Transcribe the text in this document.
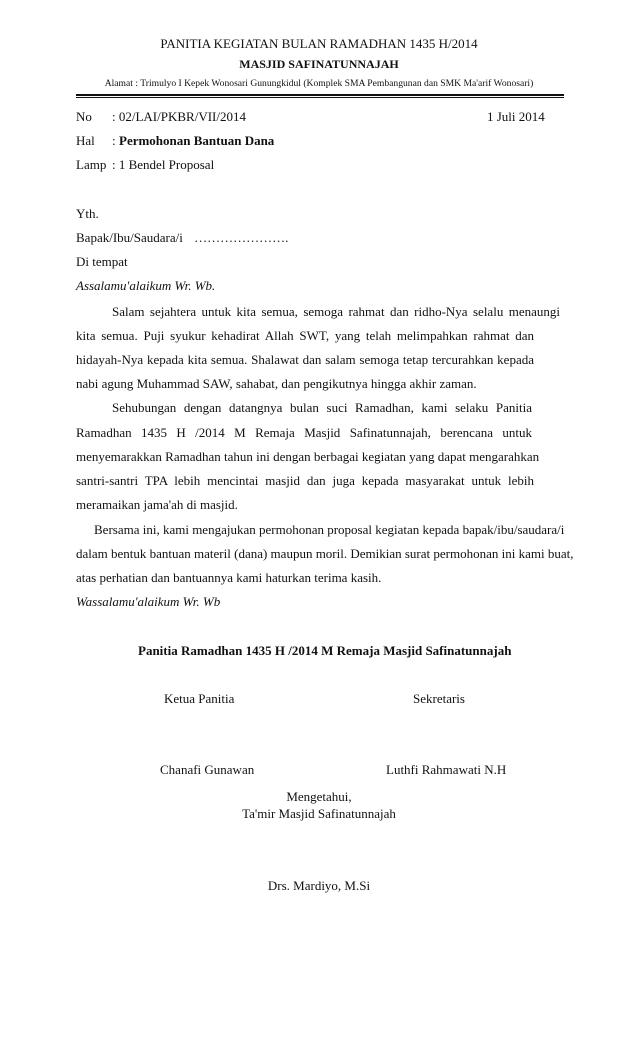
PANITIA KEGIATAN BULAN RAMADHAN 1435 H/2014
MASJID SAFINATUNNAJAH
Alamat : Trimulyo I Kepek Wonosari Gunungkidul (Komplek SMA Pembangunan dan SMK Ma'arif Wonosari)
No : 02/LAI/PKBR/VII/2014	1 Juli 2014
Hal : Permohonan Bantuan Dana
Lamp : 1 Bendel Proposal
Yth.
Bapak/Ibu/Saudara/i ………………….
Di tempat
Assalamu'alaikum Wr. Wb.
Salam sejahtera untuk kita semua, semoga rahmat dan ridho-Nya selalu menaungi
kita semua. Puji syukur kehadirat Allah SWT, yang telah melimpahkan rahmat dan
hidayah-Nya kepada kita semua. Shalawat dan salam semoga tetap tercurahkan kepada
nabi agung Muhammad SAW, sahabat, dan pengikutnya hingga akhir zaman.
Sehubungan dengan datangnya bulan suci Ramadhan, kami selaku Panitia
Ramadhan 1435 H /2014 M Remaja Masjid Safinatunnajah, berencana untuk
menyemarakkan Ramadhan tahun ini dengan berbagai kegiatan yang dapat mengarahkan
santri-santri TPA lebih mencintai masjid dan juga kepada masyarakat untuk lebih
meramaikan jama'ah di masjid.
Bersama ini, kami mengajukan permohonan proposal kegiatan kepada bapak/ibu/saudara/i
dalam bentuk bantuan materil (dana) maupun moril. Demikian surat permohonan ini kami buat,
atas perhatian dan bantuannya kami haturkan terima kasih.
Wassalamu'alaikum Wr. Wb
Panitia Ramadhan 1435 H /2014 M Remaja Masjid Safinatunnajah
Ketua Panitia	Sekretaris
Chanafi Gunawan	Luthfi Rahmawati N.H
Mengetahui,
Ta'mir Masjid Safinatunnajah
Drs. Mardiyo, M.Si
